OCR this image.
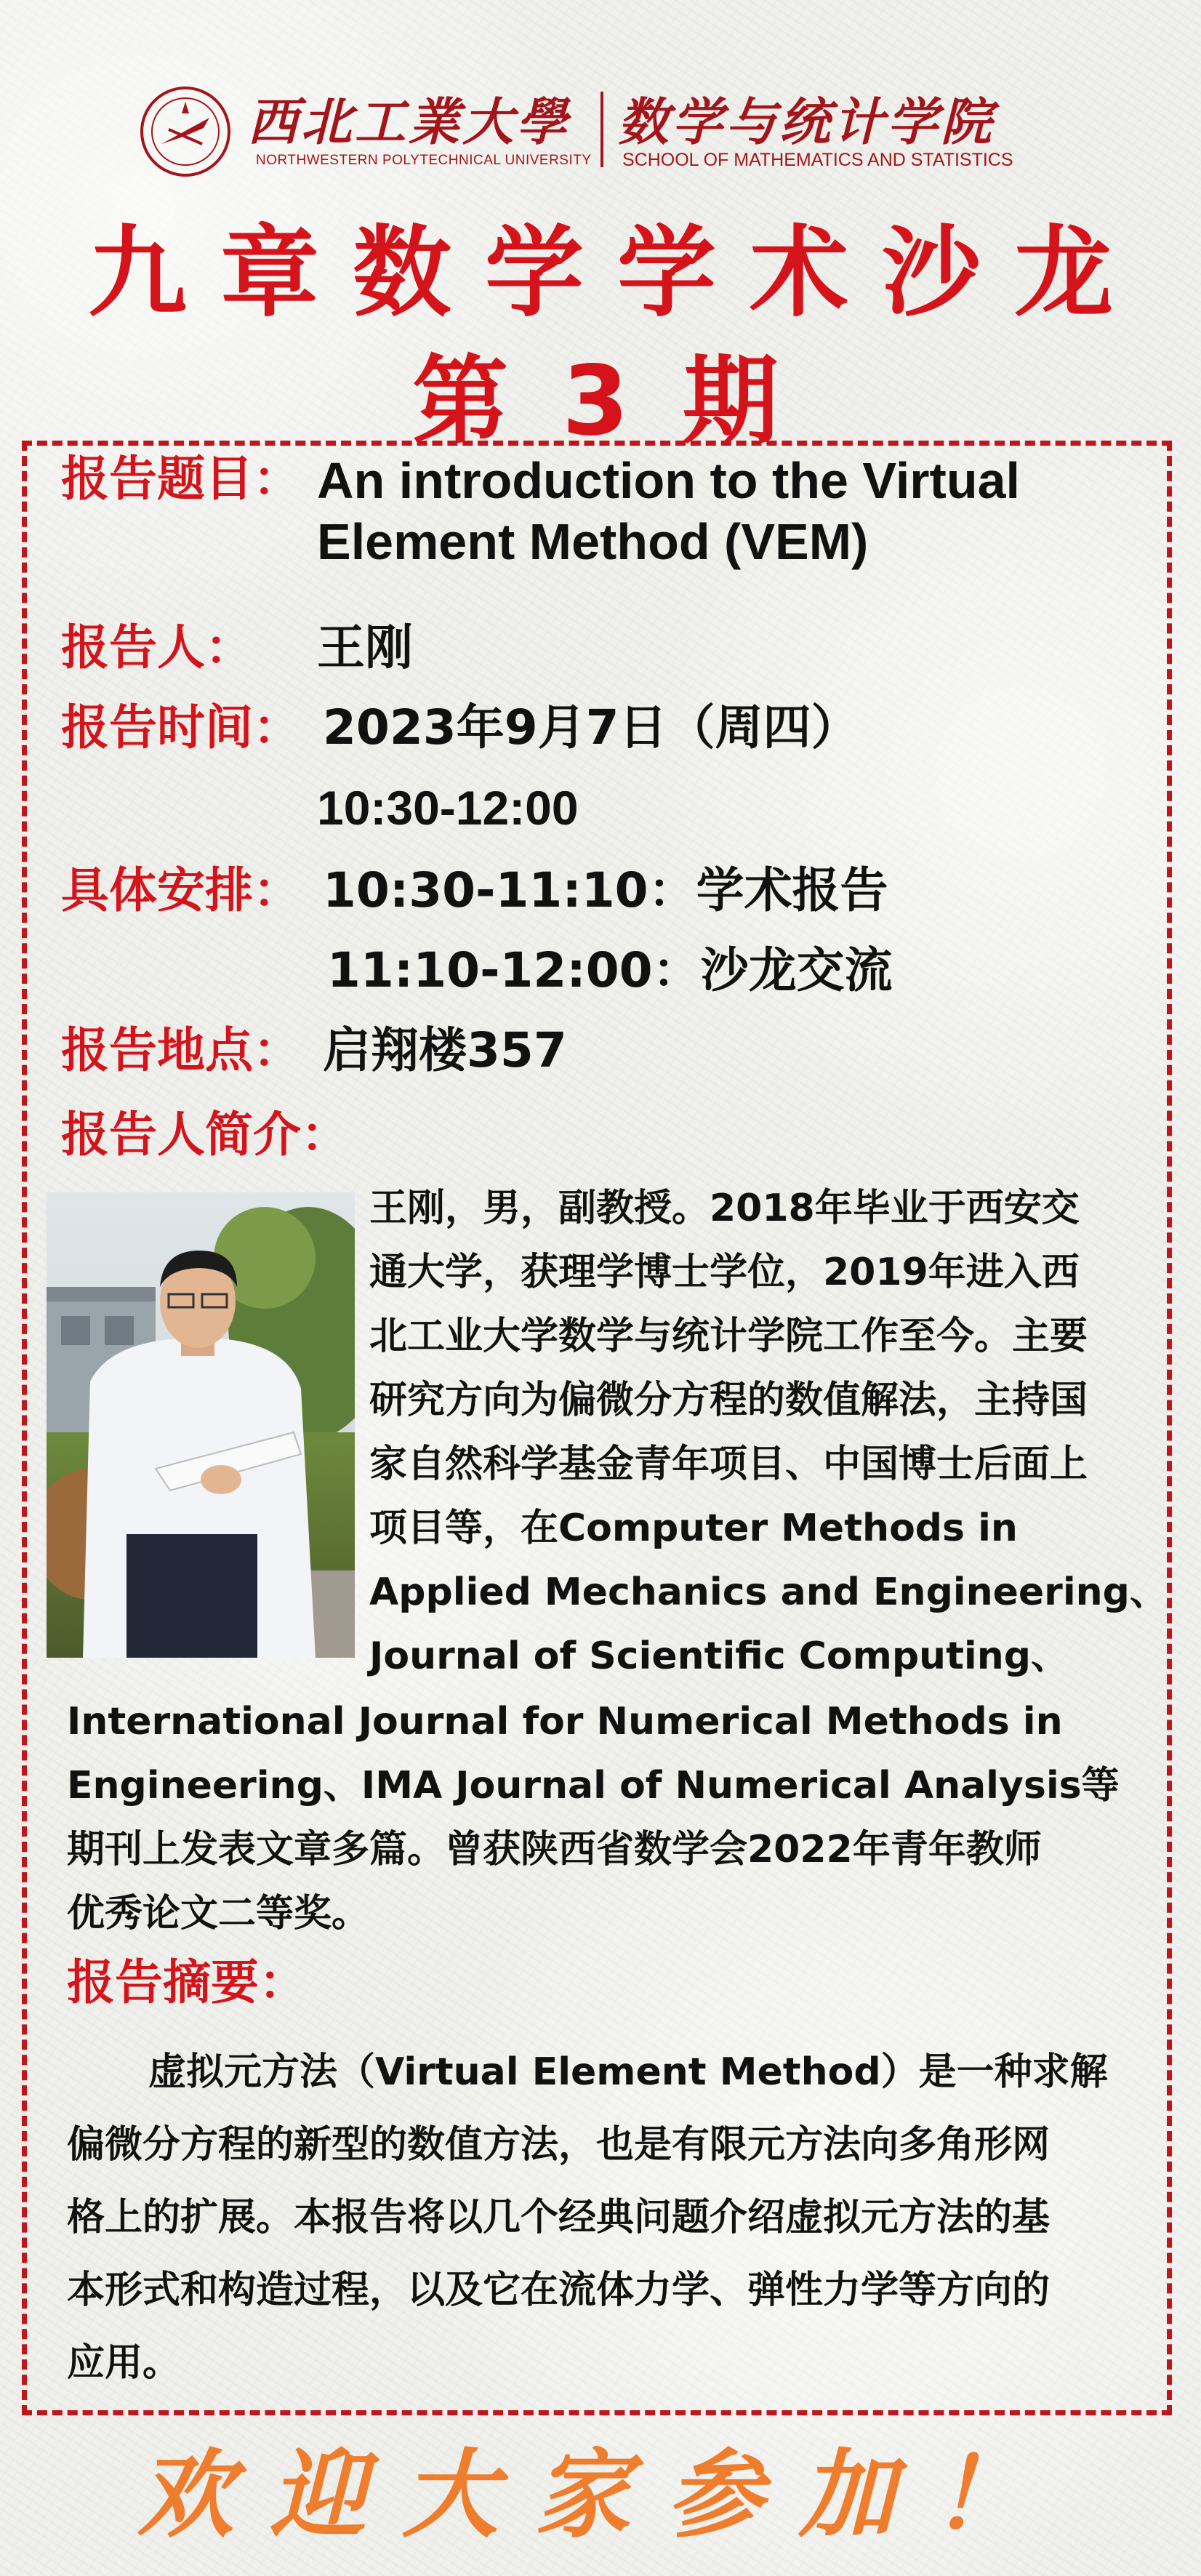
西北工業大學
NORTHWESTERN POLYTECHNICAL UNIVERSITY
数学与统计学院
SCHOOL OF MATHEMATICS AND STATISTICS
九章数学学术沙龙
第 3 期
报告题目： An introduction to the Virtual
Element Method (VEM)
报告人： 王刚
报告时间： 2023年9月7日（周四）
10:30-12:00
具体安排： 10:30-11:10：学术报告
11:10-12:00：沙龙交流
报告地点： 启翔楼357
报告人简介：
王刚，男，副教授。2018年毕业于西安交
通大学，获理学博士学位，2019年进入西
北工业大学数学与统计学院工作至今。主要
研究方向为偏微分方程的数值解法，主持国
家自然科学基金青年项目、中国博士后面上
项目等，在Computer Methods in
Applied Mechanics and Engineering、
Journal of Scientific Computing、
International Journal for Numerical Methods in
Engineering、IMA Journal of Numerical Analysis等
期刊上发表文章多篇。曾获陕西省数学会2022年青年教师
优秀论文二等奖。
报告摘要：
虚拟元方法（Virtual Element Method）是一种求解
偏微分方程的新型的数值方法，也是有限元方法向多角形网
格上的扩展。本报告将以几个经典问题介绍虚拟元方法的基
本形式和构造过程，以及它在流体力学、弹性力学等方向的
应用。
欢迎大家参加！
